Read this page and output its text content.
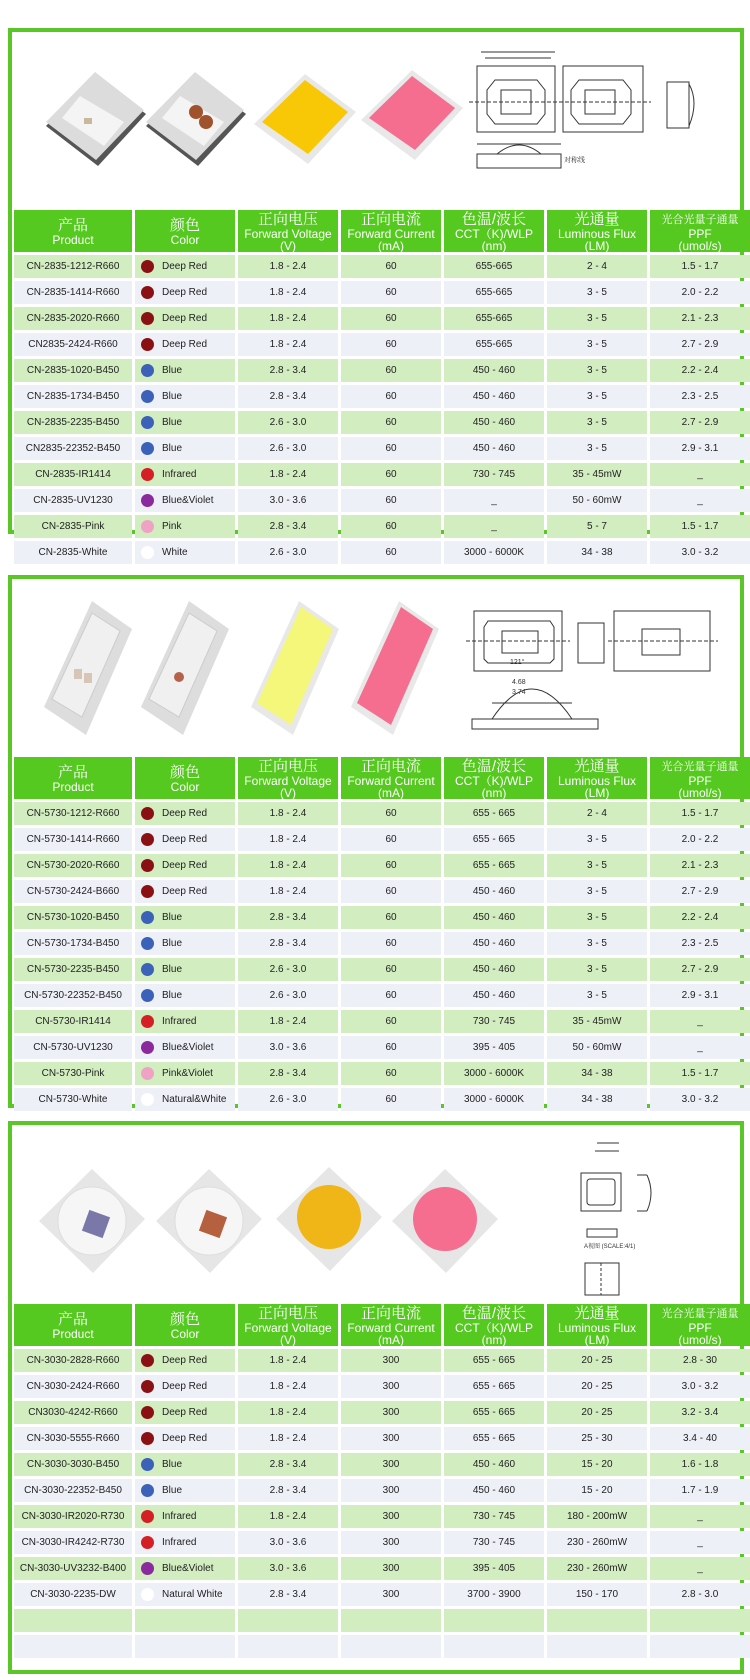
对称线
产品
Product	颜色
Color	正向电压
Forward Voltage
(V)	正向电流
Forward Current
(mA)	色温/波长
CCT（K)/WLP
(nm)	光通量
Luminous Flux
(LM)	光合光量子通量
PPF
(umol/s)

CN-2835-1212-R660	Deep Red	1.8 - 2.4	60	655-665	2 - 4	1.5 - 1.7
CN-2835-1414-R660	Deep Red	1.8 - 2.4	60	655-665	3 - 5	2.0 - 2.2
CN-2835-2020-R660	Deep Red	1.8 - 2.4	60	655-665	3 - 5	2.1 - 2.3
CN2835-2424-R660	Deep Red	1.8 - 2.4	60	655-665	3 - 5	2.7 - 2.9
CN-2835-1020-B450	Blue	2.8 - 3.4	60	450 - 460	3 - 5	2.2 - 2.4
CN-2835-1734-B450	Blue	2.8 - 3.4	60	450 - 460	3 - 5	2.3 - 2.5
CN-2835-2235-B450	Blue	2.6 - 3.0	60	450 - 460	3 - 5	2.7 - 2.9
CN2835-22352-B450	Blue	2.6 - 3.0	60	450 - 460	3 - 5	2.9 - 3.1
CN-2835-IR1414	Infrared	1.8 - 2.4	60	730 - 745	35 - 45mW	_
CN-2835-UV1230	Blue&Violet	3.0 - 3.6	60	_	50 - 60mW	_
CN-2835-Pink	Pink	2.8 - 3.4	60	_	5 - 7	1.5 - 1.7
CN-2835-White	White	2.6 - 3.0	60	3000 - 6000K	34 - 38	3.0 - 3.2
121°
4.68
3.74
产品
Product	颜色
Color	正向电压
Forward Voltage
(V)	正向电流
Forward Current
(mA)	色温/波长
CCT（K)/WLP
(nm)	光通量
Luminous Flux
(LM)	光合光量子通量
PPF
(umol/s)

CN-5730-1212-R660	Deep Red	1.8 - 2.4	60	655 - 665	2 - 4	1.5 - 1.7
CN-5730-1414-R660	Deep Red	1.8 - 2.4	60	655 - 665	3 - 5	2.0 - 2.2
CN-5730-2020-R660	Deep Red	1.8 - 2.4	60	655 - 665	3 - 5	2.1 - 2.3
CN-5730-2424-B660	Deep Red	1.8 - 2.4	60	450 - 460	3 - 5	2.7 - 2.9
CN-5730-1020-B450	Blue	2.8 - 3.4	60	450 - 460	3 - 5	2.2 - 2.4
CN-5730-1734-B450	Blue	2.8 - 3.4	60	450 - 460	3 - 5	2.3 - 2.5
CN-5730-2235-B450	Blue	2.6 - 3.0	60	450 - 460	3 - 5	2.7 - 2.9
CN-5730-22352-B450	Blue	2.6 - 3.0	60	450 - 460	3 - 5	2.9 - 3.1
CN-5730-IR1414	Infrared	1.8 - 2.4	60	730 - 745	35 - 45mW	_
CN-5730-UV1230	Blue&Violet	3.0 - 3.6	60	395 - 405	50 - 60mW	_
CN-5730-Pink	Pink&Violet	2.8 - 3.4	60	3000 - 6000K	34 - 38	1.5 - 1.7
CN-5730-White	Natural&White	2.6 - 3.0	60	3000 - 6000K	34 - 38	3.0 - 3.2
A视图 (SCALE:4/1)
产品
Product	颜色
Color	正向电压
Forward Voltage
(V)	正向电流
Forward Current
(mA)	色温/波长
CCT（K)/WLP
(nm)	光通量
Luminous Flux
(LM)	光合光量子通量
PPF
(umol/s)

CN-3030-2828-R660	Deep Red	1.8 - 2.4	300	655 - 665	20 - 25	2.8 - 30
CN-3030-2424-R660	Deep Red	1.8 - 2.4	300	655 - 665	20 - 25	3.0 - 3.2
CN3030-4242-R660	Deep Red	1.8 - 2.4	300	655 - 665	20 - 25	3.2 - 3.4
CN-3030-5555-R660	Deep Red	1.8 - 2.4	300	655 - 665	25 - 30	3.4 - 40
CN-3030-3030-B450	Blue	2.8 - 3.4	300	450 - 460	15 - 20	1.6 - 1.8
CN-3030-22352-B450	Blue	2.8 - 3.4	300	450 - 460	15 - 20	1.7 - 1.9
CN-3030-IR2020-R730	Infrared	1.8 - 2.4	300	730 - 745	180 - 200mW	_
CN-3030-IR4242-R730	Infrared	3.0 - 3.6	300	730 - 745	230 - 260mW	_
CN-3030-UV3232-B400	Blue&Violet	3.0 - 3.6	300	395 - 405	230 - 260mW	_
CN-3030-2235-DW	Natural White	2.8 - 3.4	300	3700 - 3900	150 - 170	2.8 - 3.0
